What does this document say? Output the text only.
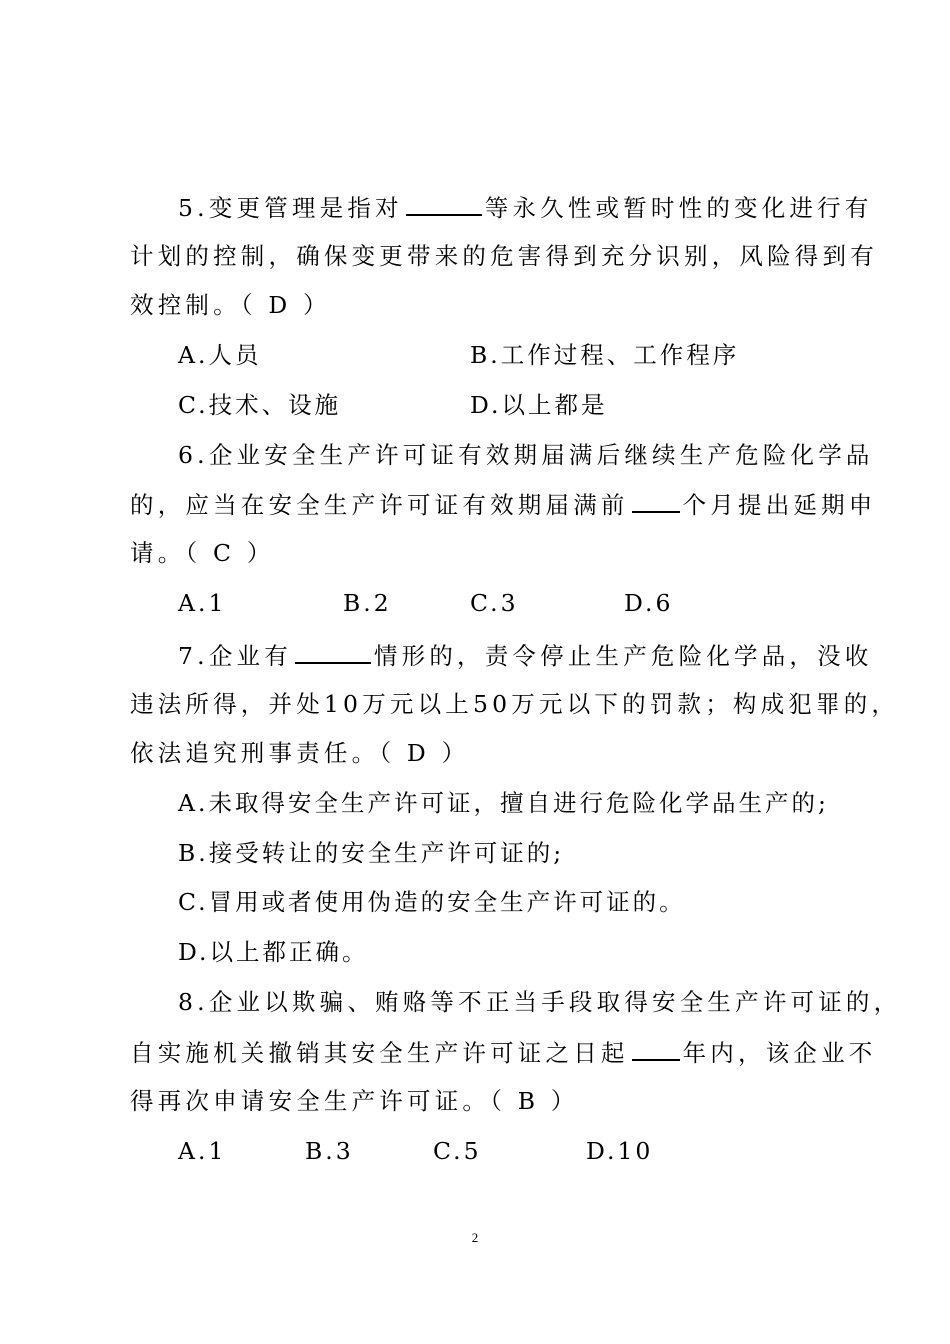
5.变更管理是指对	等永久性或暂时性的变化进行有
计划的控制，确保变更带来的危害得到充分识别，风险得到有
效控制。（ D ）
A.人员	B.工作过程、工作程序
C.技术、设施	D.以上都是
6.企业安全生产许可证有效期届满后继续生产危险化学品
的，应当在安全生产许可证有效期届满前 个月提出延期申
请。（ C ）
A.1	B.2	C.3	D.6
7.企业有	情形的，责令停止生产危险化学品，没收
违法所得，并处10万元以上50万元以下的罚款；构成犯罪的，
依法追究刑事责任。（ D ）
A.未取得安全生产许可证，擅自进行危险化学品生产的;
B.接受转让的安全生产许可证的;
C.冒用或者使用伪造的安全生产许可证的。
D.以上都正确。
8.企业以欺骗、贿赂等不正当手段取得安全生产许可证的，
自实施机关撤销其安全生产许可证之日起 年内，该企业不
得再次申请安全生产许可证。（ B ）
A.1	B.3	C.5	D.10
2
